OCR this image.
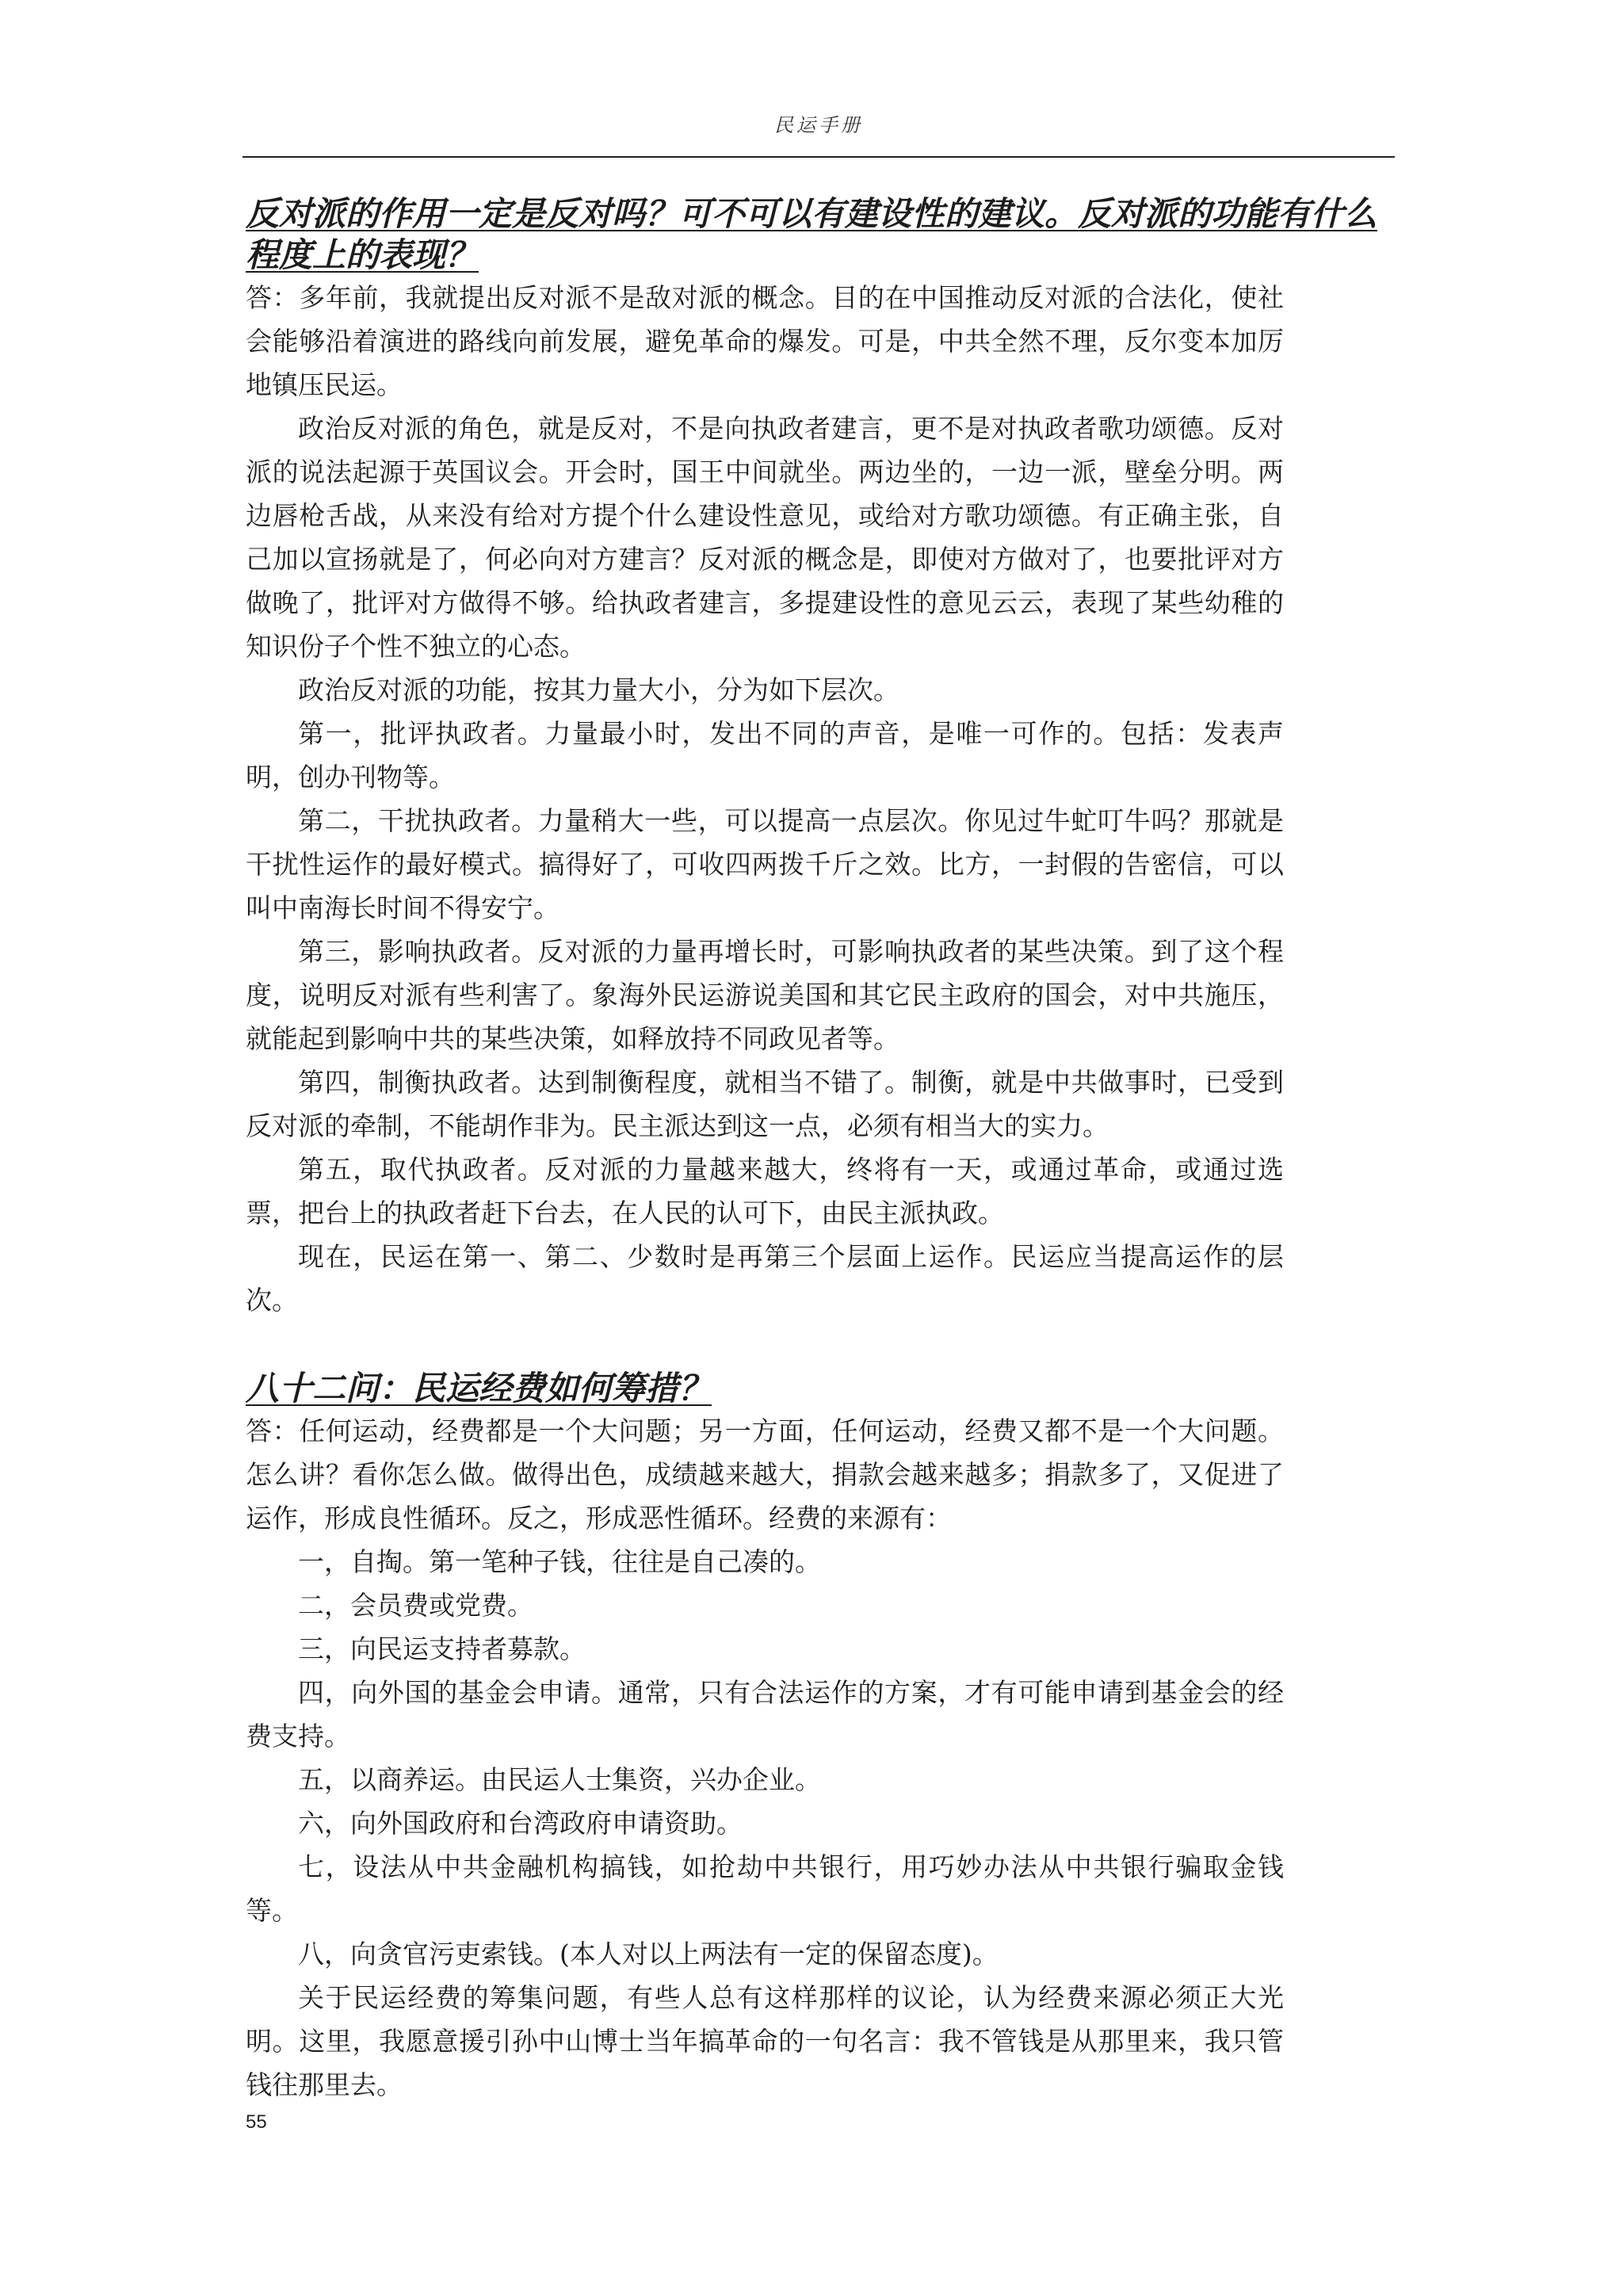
民运手册

反对派的作用一定是反对吗？可不可以有建设性的建议。反对派的功能有什么程度上的表现？

答：多年前，我就提出反对派不是敌对派的概念。目的在中国推动反对派的合法化，使社会能够沿着演进的路线向前发展，避免革命的爆发。可是，中共全然不理，反尔变本加厉地镇压民运。

政治反对派的角色，就是反对，不是向执政者建言，更不是对执政者歌功颂德。反对派的说法起源于英国议会。开会时，国王中间就坐。两边坐的，一边一派，壁垒分明。两边唇枪舌战，从来没有给对方提个什么建设性意见，或给对方歌功颂德。有正确主张，自己加以宣扬就是了，何必向对方建言？反对派的概念是，即使对方做对了，也要批评对方做晚了，批评对方做得不够。给执政者建言，多提建设性的意见云云，表现了某些幼稚的知识份子个性不独立的心态。

政治反对派的功能，按其力量大小，分为如下层次。

第一，批评执政者。力量最小时，发出不同的声音，是唯一可作的。包括：发表声明，创办刊物等。

第二，干扰执政者。力量稍大一些，可以提高一点层次。你见过牛虻叮牛吗？那就是干扰性运作的最好模式。搞得好了，可收四两拨千斤之效。比方，一封假的告密信，可以叫中南海长时间不得安宁。

第三，影响执政者。反对派的力量再增长时，可影响执政者的某些决策。到了这个程度，说明反对派有些利害了。象海外民运游说美国和其它民主政府的国会，对中共施压，就能起到影响中共的某些决策，如释放持不同政见者等。

第四，制衡执政者。达到制衡程度，就相当不错了。制衡，就是中共做事时，已受到反对派的牵制，不能胡作非为。民主派达到这一点，必须有相当大的实力。

第五，取代执政者。反对派的力量越来越大，终将有一天，或通过革命，或通过选票，把台上的执政者赶下台去，在人民的认可下，由民主派执政。

现在，民运在第一、第二、少数时是再第三个层面上运作。民运应当提高运作的层次。

八十二问：民运经费如何筹措？

答：任何运动，经费都是一个大问题；另一方面，任何运动，经费又都不是一个大问题。怎么讲？看你怎么做。做得出色，成绩越来越大，捐款会越来越多；捐款多了，又促进了运作，形成良性循环。反之，形成恶性循环。经费的来源有：

一，自掏。第一笔种子钱，往往是自己凑的。

二，会员费或党费。

三，向民运支持者募款。

四，向外国的基金会申请。通常，只有合法运作的方案，才有可能申请到基金会的经费支持。

五，以商养运。由民运人士集资，兴办企业。

六，向外国政府和台湾政府申请资助。

七，设法从中共金融机构搞钱，如抢劫中共银行，用巧妙办法从中共银行骗取金钱等。

八，向贪官污吏索钱。(本人对以上两法有一定的保留态度)。

关于民运经费的筹集问题，有些人总有这样那样的议论，认为经费来源必须正大光明。这里，我愿意援引孙中山博士当年搞革命的一句名言：我不管钱是从那里来，我只管钱往那里去。

55
